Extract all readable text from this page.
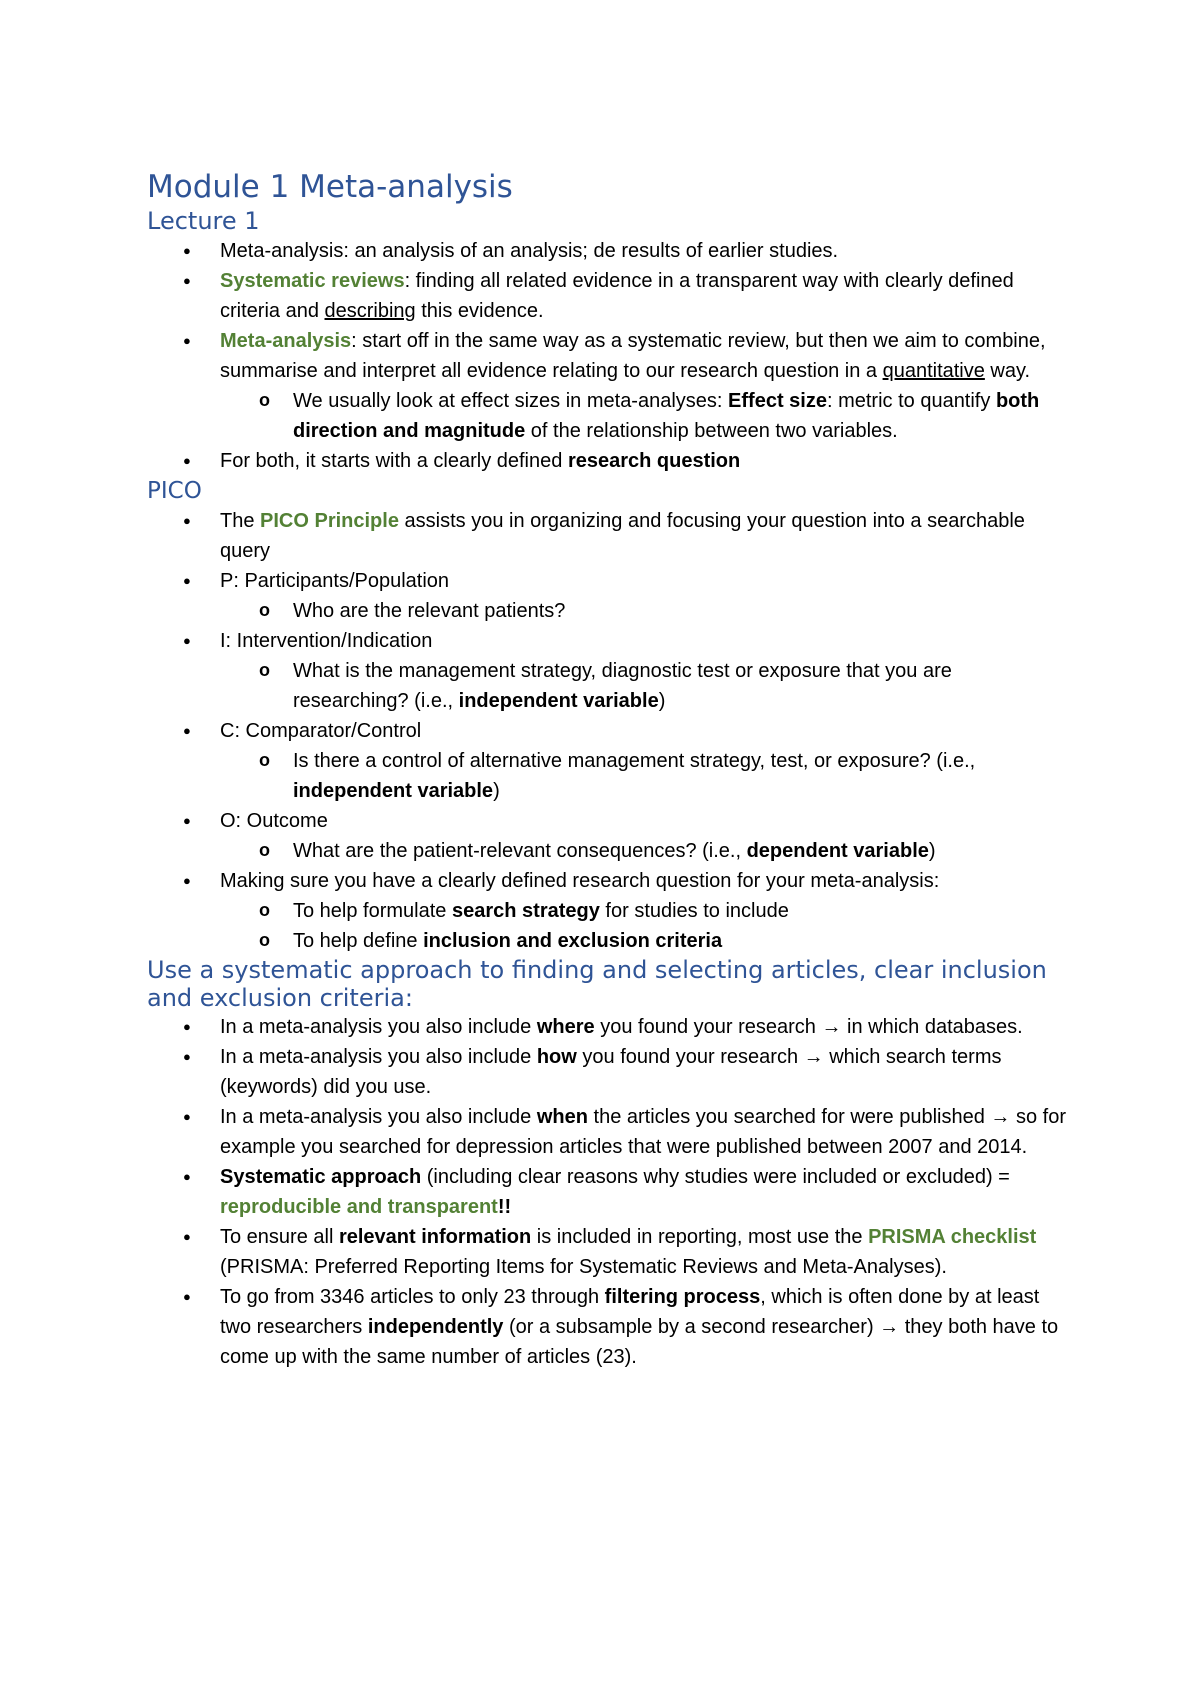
Module 1 Meta-analysis
Lecture 1
● Meta-analysis: an analysis of an analysis; de results of earlier studies.
● Systematic reviews: finding all related evidence in a transparent way with clearly defined criteria and describing this evidence.
● Meta-analysis: start off in the same way as a systematic review, but then we aim to combine, summarise and interpret all evidence relating to our research question in a quantitative way.
o We usually look at effect sizes in meta-analyses: Effect size: metric to quantify both direction and magnitude of the relationship between two variables.
● For both, it starts with a clearly defined research question
PICO
● The PICO Principle assists you in organizing and focusing your question into a searchable query
● P: Participants/Population
o Who are the relevant patients?
● I: Intervention/Indication
o What is the management strategy, diagnostic test or exposure that you are researching? (i.e., independent variable)
● C: Comparator/Control
o Is there a control of alternative management strategy, test, or exposure? (i.e., independent variable)
● O: Outcome
o What are the patient-relevant consequences? (i.e., dependent variable)
● Making sure you have a clearly defined research question for your meta-analysis:
o To help formulate search strategy for studies to include
o To help define inclusion and exclusion criteria
Use a systematic approach to finding and selecting articles, clear inclusion and exclusion criteria:
● In a meta-analysis you also include where you found your research → in which databases.
● In a meta-analysis you also include how you found your research → which search terms (keywords) did you use.
● In a meta-analysis you also include when the articles you searched for were published → so for example you searched for depression articles that were published between 2007 and 2014.
● Systematic approach (including clear reasons why studies were included or excluded) = reproducible and transparent!!
● To ensure all relevant information is included in reporting, most use the PRISMA checklist (PRISMA: Preferred Reporting Items for Systematic Reviews and Meta-Analyses).
● To go from 3346 articles to only 23 through filtering process, which is often done by at least two researchers independently (or a subsample by a second researcher) → they both have to come up with the same number of articles (23).
